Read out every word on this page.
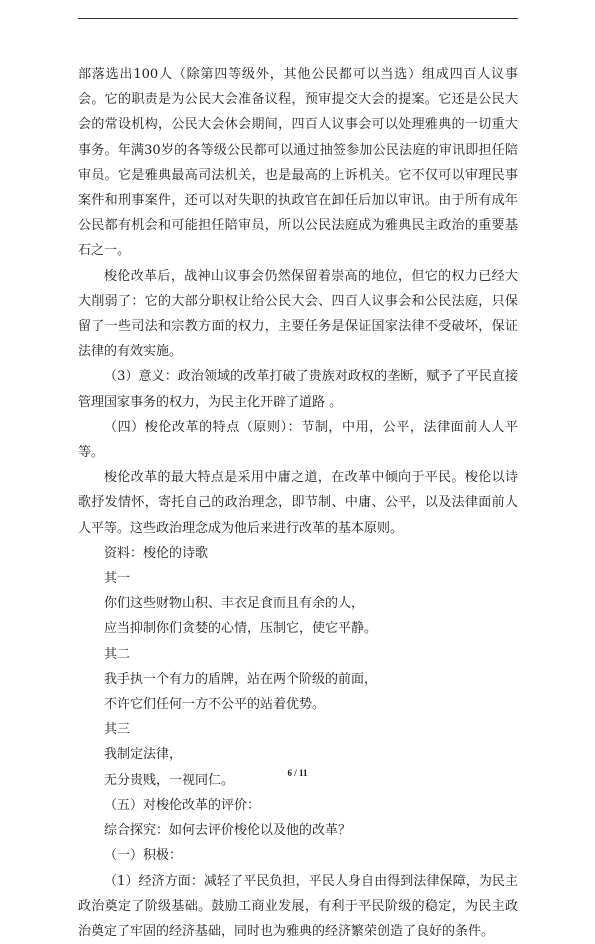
部落选出100人（除第四等级外，其他公民都可以当选）组成四百人议事会。它的职责是为公民大会准备议程，预审提交大会的提案。它还是公民大会的常设机构，公民大会休会期间，四百人议事会可以处理雅典的一切重大事务。年满30岁的各等级公民都可以通过抽签参加公民法庭的审讯即担任陪审员。它是雅典最高司法机关，也是最高的上诉机关。它不仅可以审理民事案件和刑事案件，还可以对失职的执政官在卸任后加以审讯。由于所有成年公民都有机会和可能担任陪审员，所以公民法庭成为雅典民主政治的重要基石之一。

梭伦改革后，战神山议事会仍然保留着崇高的地位，但它的权力已经大大削弱了：它的大部分职权让给公民大会、四百人议事会和公民法庭，只保留了一些司法和宗教方面的权力，主要任务是保证国家法律不受破坏，保证法律的有效实施。

（3）意义：政治领域的改革打破了贵族对政权的垄断，赋予了平民直接管理国家事务的权力，为民主化开辟了道路 。

（四）梭伦改革的特点（原则）：节制，中用，公平，法律面前人人平等。

梭伦改革的最大特点是采用中庸之道，在改革中倾向于平民。梭伦以诗歌抒发情怀，寄托自己的政治理念，即节制、中庸、公平，以及法律面前人人平等。这些政治理念成为他后来进行改革的基本原则。

资料：梭伦的诗歌

其一

你们这些财物山积、丰衣足食而且有余的人，

应当抑制你们贪婪的心情，压制它，使它平静。

其二

我手执一个有力的盾牌，站在两个阶级的前面，

不许它们任何一方不公平的站着优势。

其三

我制定法律，

无分贵贱，一视同仁。

（五）对梭伦改革的评价：

综合探究：如何去评价梭伦以及他的改革？

（一）积极：

（1）经济方面：减轻了平民负担，平民人身自由得到法律保障，为民主政治奠定了阶级基础。鼓励工商业发展，有利于平民阶级的稳定，为民主政治奠定了牢固的经济基础，同时也为雅典的经济繁荣创造了良好的条件。

6 / 11
